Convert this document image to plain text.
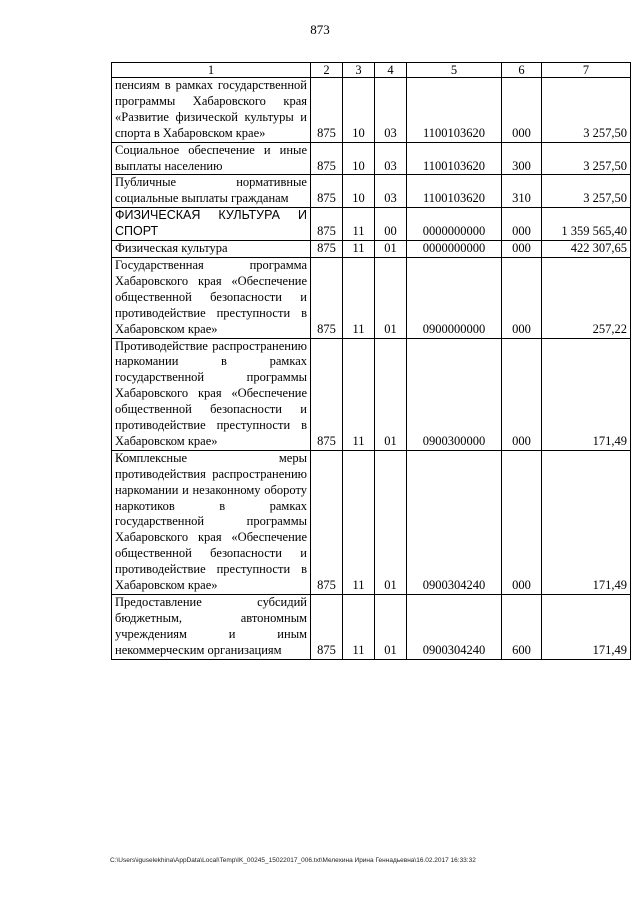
873
1	2	3	4	5	6	7
пенсиям в рамках государственной программы Хабаровского края «Развитие физической культуры и спорта в Хабаровском крае»	875	10	03	1100103620	000	3 257,50
Социальное обеспечение и иные выплаты населению	875	10	03	1100103620	300	3 257,50
Публичные нормативные социальные выплаты гражданам	875	10	03	1100103620	310	3 257,50
ФИЗИЧЕСКАЯ КУЛЬТУРА И СПОРТ	875	11	00	0000000000	000	1 359 565,40
Физическая культура	875	11	01	0000000000	000	422 307,65
Государственная программа Хабаровского края «Обеспечение общественной безопасности и противодействие преступности в Хабаровском крае»	875	11	01	0900000000	000	257,22
Противодействие распространению наркомании в рамках государственной программы Хабаровского края «Обеспечение общественной безопасности и противодействие преступности в Хабаровском крае»	875	11	01	0900300000	000	171,49
Комплексные меры противодействия распространению наркомании и незаконному обороту наркотиков в рамках государственной программы Хабаровского края «Обеспечение общественной безопасности и противодействие преступности в Хабаровском крае»	875	11	01	0900304240	000	171,49
Предоставление субсидий бюджетным, автономным учреждениям и иным некоммерческим организациям	875	11	01	0900304240	600	171,49
C:\Users\iguselekhina\AppData\Local\Temp\IK_00245_15022017_006.txt\Мелехина Ирина Геннадьевна\16.02.2017 16:33:32
